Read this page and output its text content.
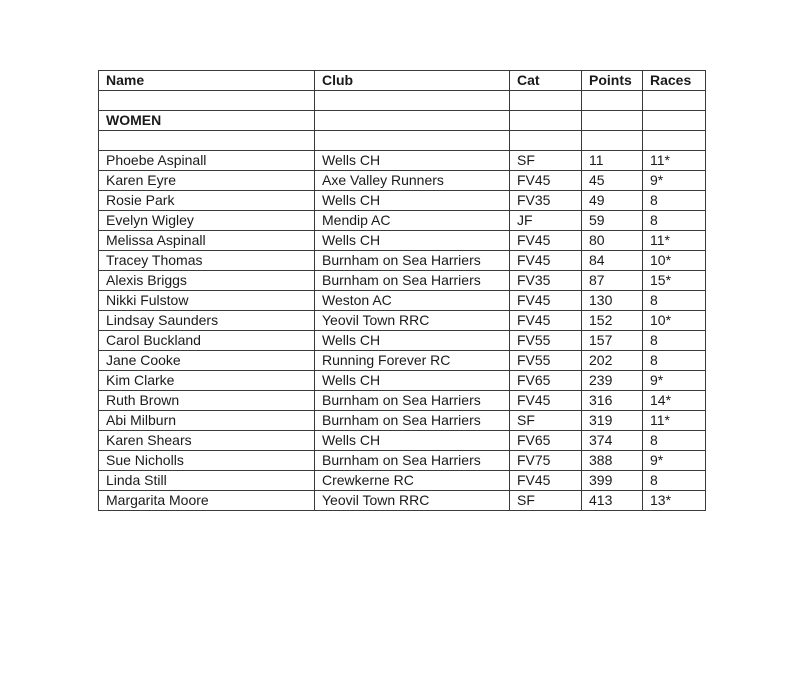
Name	Club	Cat	Points	Races

WOMEN				

Phoebe Aspinall	Wells CH	SF	11	11*
Karen Eyre	Axe Valley Runners	FV45	45	9*
Rosie Park	Wells CH	FV35	49	8
Evelyn Wigley	Mendip AC	JF	59	8
Melissa Aspinall	Wells CH	FV45	80	11*
Tracey Thomas	Burnham on Sea Harriers	FV45	84	10*
Alexis Briggs	Burnham on Sea Harriers	FV35	87	15*
Nikki Fulstow	Weston AC	FV45	130	8
Lindsay Saunders	Yeovil Town RRC	FV45	152	10*
Carol Buckland	Wells CH	FV55	157	8
Jane Cooke	Running Forever RC	FV55	202	8
Kim Clarke	Wells CH	FV65	239	9*
Ruth Brown	Burnham on Sea Harriers	FV45	316	14*
Abi Milburn	Burnham on Sea Harriers	SF	319	11*
Karen Shears	Wells CH	FV65	374	8
Sue Nicholls	Burnham on Sea Harriers	FV75	388	9*
Linda Still	Crewkerne RC	FV45	399	8
Margarita Moore	Yeovil Town RRC	SF	413	13*
